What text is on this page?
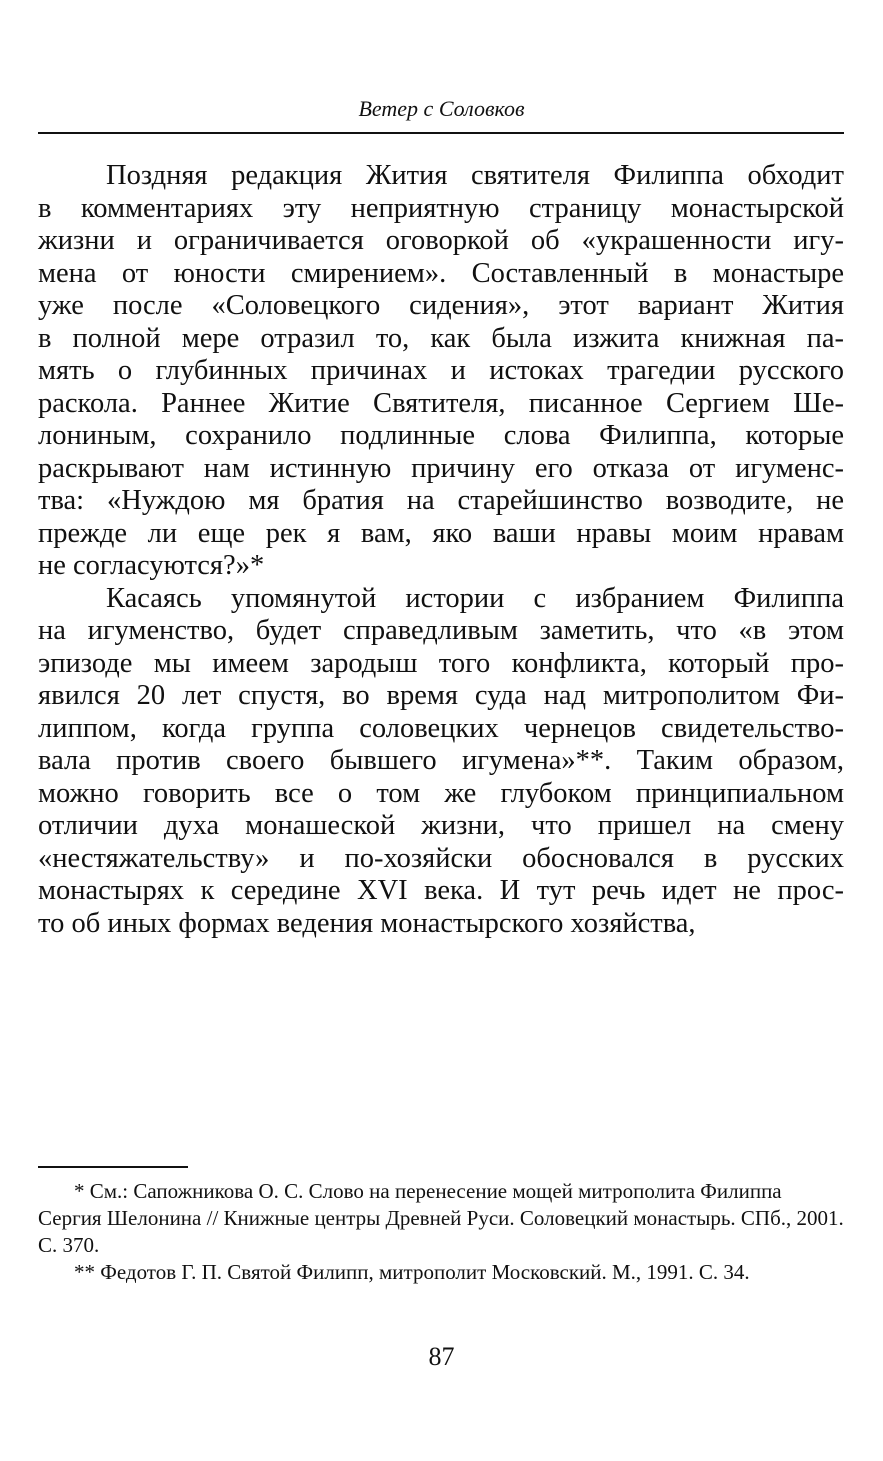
Ветер с Соловков
Поздняя редакция Жития святителя Филиппа обходит
в комментариях эту неприятную страницу монастырской
жизни и ограничивается оговоркой об «украшенности игу-
мена от юности смирением». Составленный в монастыре
уже после «Соловецкого сидения», этот вариант Жития
в полной мере отразил то, как была изжита книжная па-
мять о глубинных причинах и истоках трагедии русского
раскола. Раннее Житие Святителя, писанное Сергием Ше-
лониным, сохранило подлинные слова Филиппа, которые
раскрывают нам истинную причину его отказа от игуменс-
тва: «Нуждою мя братия на старейшинство возводите, не
прежде ли еще рек я вам, яко ваши нравы моим нравам
не согласуются?»*
Касаясь упомянутой истории с избранием Филиппа
на игуменство, будет справедливым заметить, что «в этом
эпизоде мы имеем зародыш того конфликта, который про-
явился 20 лет спустя, во время суда над митрополитом Фи-
липпом, когда группа соловецких чернецов свидетельство-
вала против своего бывшего игумена»**. Таким образом,
можно говорить все о том же глубоком принципиальном
отличии духа монашеской жизни, что пришел на смену
«нестяжательству» и по-хозяйски обосновался в русских
монастырях к середине XVI века. И тут речь идет не прос-
то об иных формах ведения монастырского хозяйства,

* См.: Сапожникова О. С. Слово на перенесение мощей митрополита Филиппа Сергия Шелонина // Книжные центры Древней Руси. Соловецкий монастырь. СПб., 2001. С. 370.

** Федотов Г. П. Святой Филипп, митрополит Московский. М., 1991. С. 34.

87
